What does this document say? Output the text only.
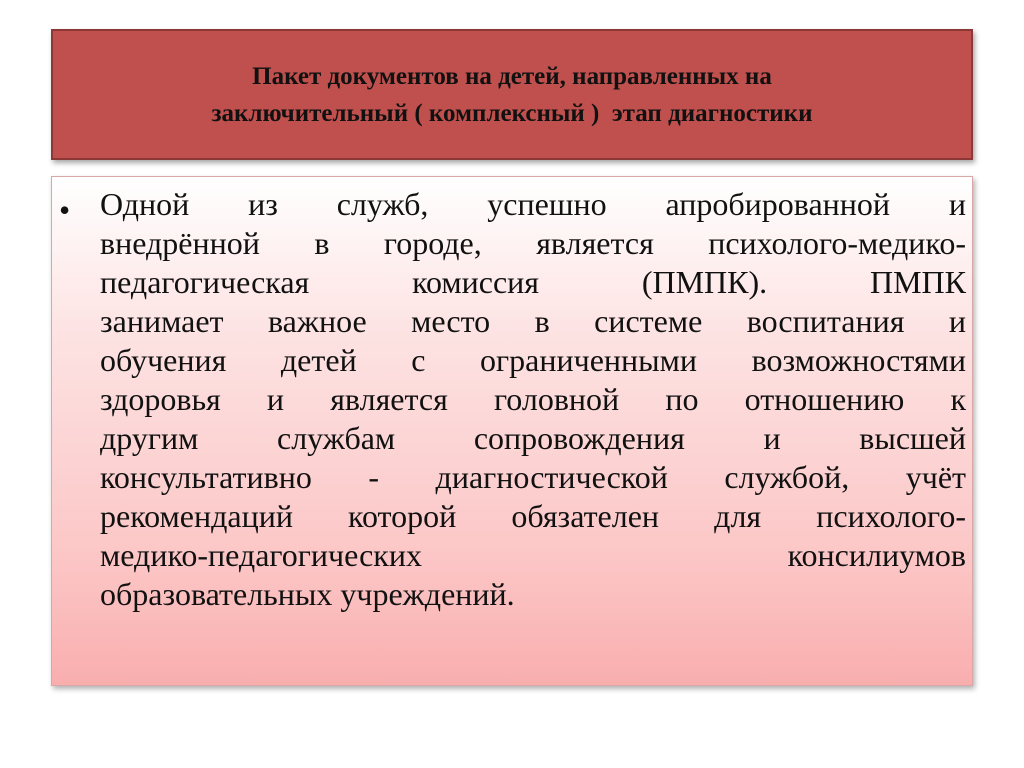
Пакет документов на детей, направленных на
заключительный ( комплексный )  этап диагностики
• Одной из служб, успешно апробированной и
внедрённой в городе, является психолого-медико-
педагогическая комиссия (ПМПК). ПМПК
занимает важное место в системе воспитания и
обучения детей с ограниченными возможностями
здоровья и является головной по отношению к
другим службам сопровождения и высшей
консультативно - диагностической службой, учёт
рекомендаций которой обязателен для психолого-
медико-педагогических консилиумов
образовательных учреждений.
